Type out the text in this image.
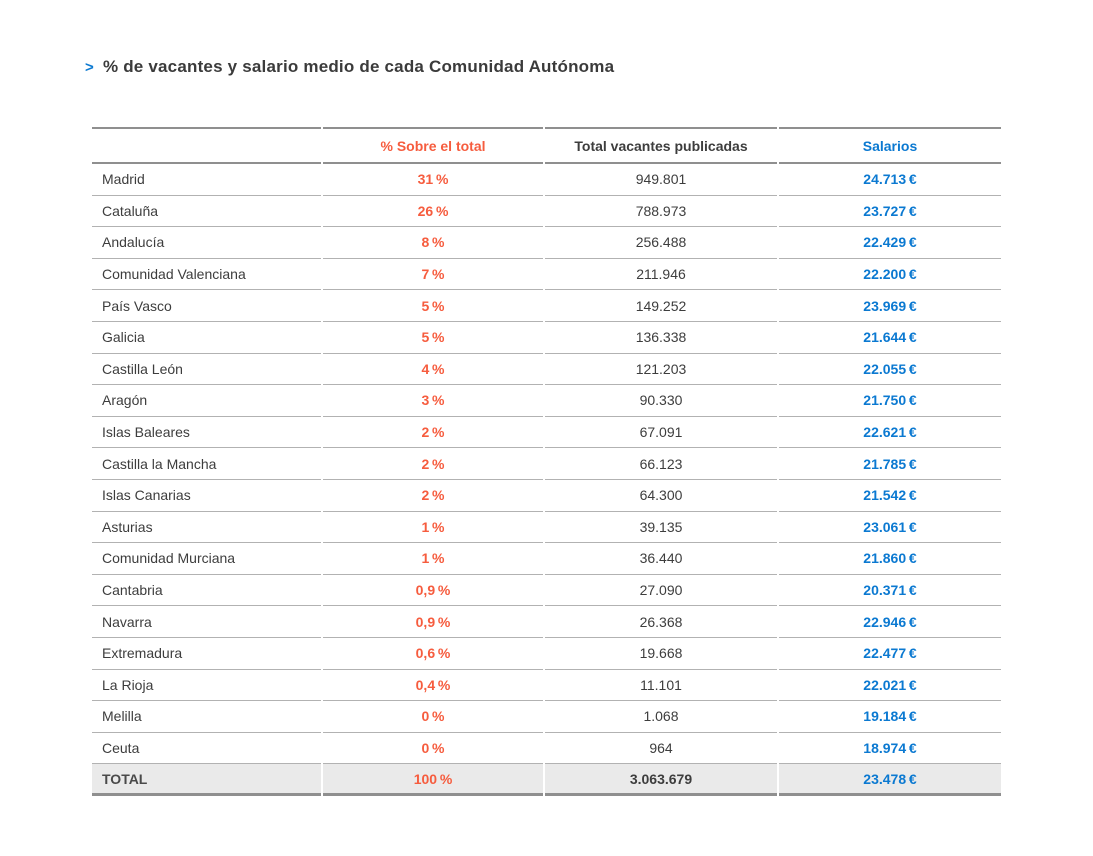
> % de vacantes y salario medio de cada Comunidad Autónoma
	% Sobre el total	Total vacantes publicadas	Salarios
Madrid	31 %	949.801	24.713 €
Cataluña	26 %	788.973	23.727 €
Andalucía	8 %	256.488	22.429 €
Comunidad Valenciana	7 %	211.946	22.200 €
País Vasco	5 %	149.252	23.969 €
Galicia	5 %	136.338	21.644 €
Castilla León	4 %	121.203	22.055 €
Aragón	3 %	90.330	21.750 €
Islas Baleares	2 %	67.091	22.621 €
Castilla la Mancha	2 %	66.123	21.785 €
Islas Canarias	2 %	64.300	21.542 €
Asturias	1 %	39.135	23.061 €
Comunidad Murciana	1 %	36.440	21.860 €
Cantabria	0,9 %	27.090	20.371 €
Navarra	0,9 %	26.368	22.946 €
Extremadura	0,6 %	19.668	22.477 €
La Rioja	0,4 %	11.101	22.021 €
Melilla	0 %	1.068	19.184 €
Ceuta	0 %	964	18.974 €
TOTAL	100 %	3.063.679	23.478 €
